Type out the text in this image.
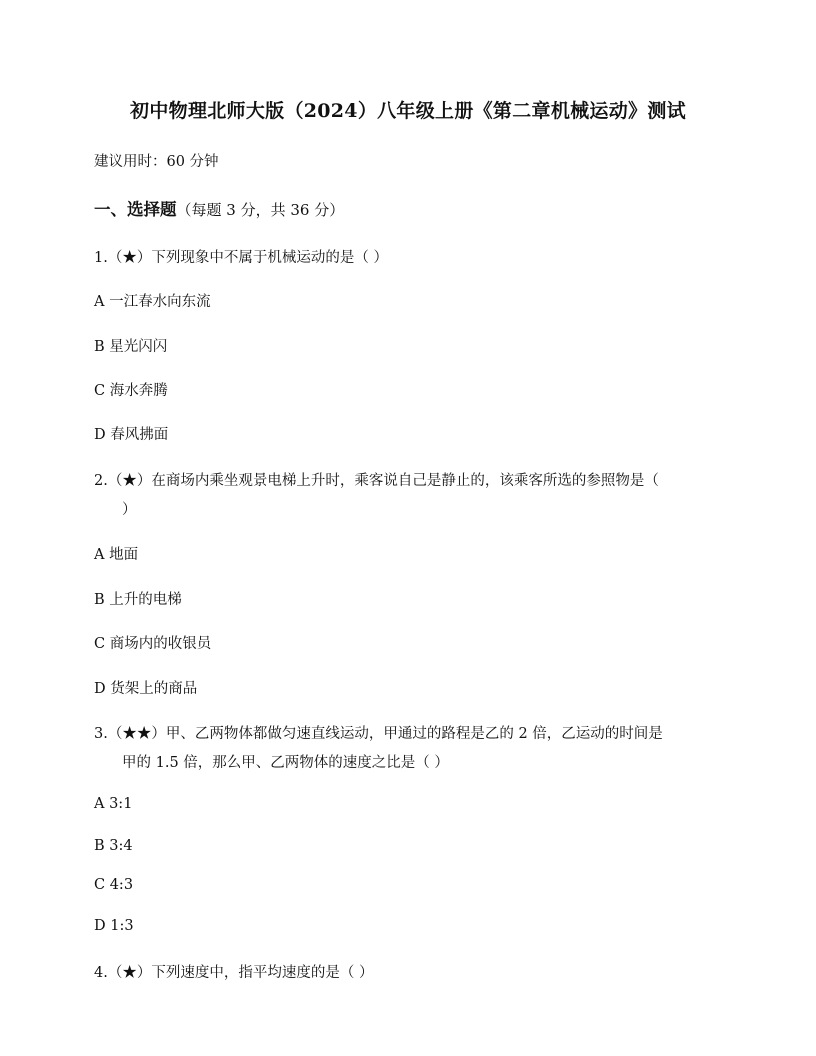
初中物理北师大版（2024）八年级上册《第二章机械运动》测试
建议用时：60 分钟
一、选择题（每题 3 分，共 36 分）
1.（★）下列现象中不属于机械运动的是（ ）
A 一江春水向东流
B 星光闪闪
C 海水奔腾
D 春风拂面
2.（★）在商场内乘坐观景电梯上升时，乘客说自己是静止的，该乘客所选的参照物是（
）
A 地面
B 上升的电梯
C 商场内的收银员
D 货架上的商品
3.（★★）甲、乙两物体都做匀速直线运动，甲通过的路程是乙的 2 倍，乙运动的时间是
甲的 1.5 倍，那么甲、乙两物体的速度之比是（ ）
A 3:1
B 3:4
C 4:3
D 1:3
4.（★）下列速度中，指平均速度的是（ ）
